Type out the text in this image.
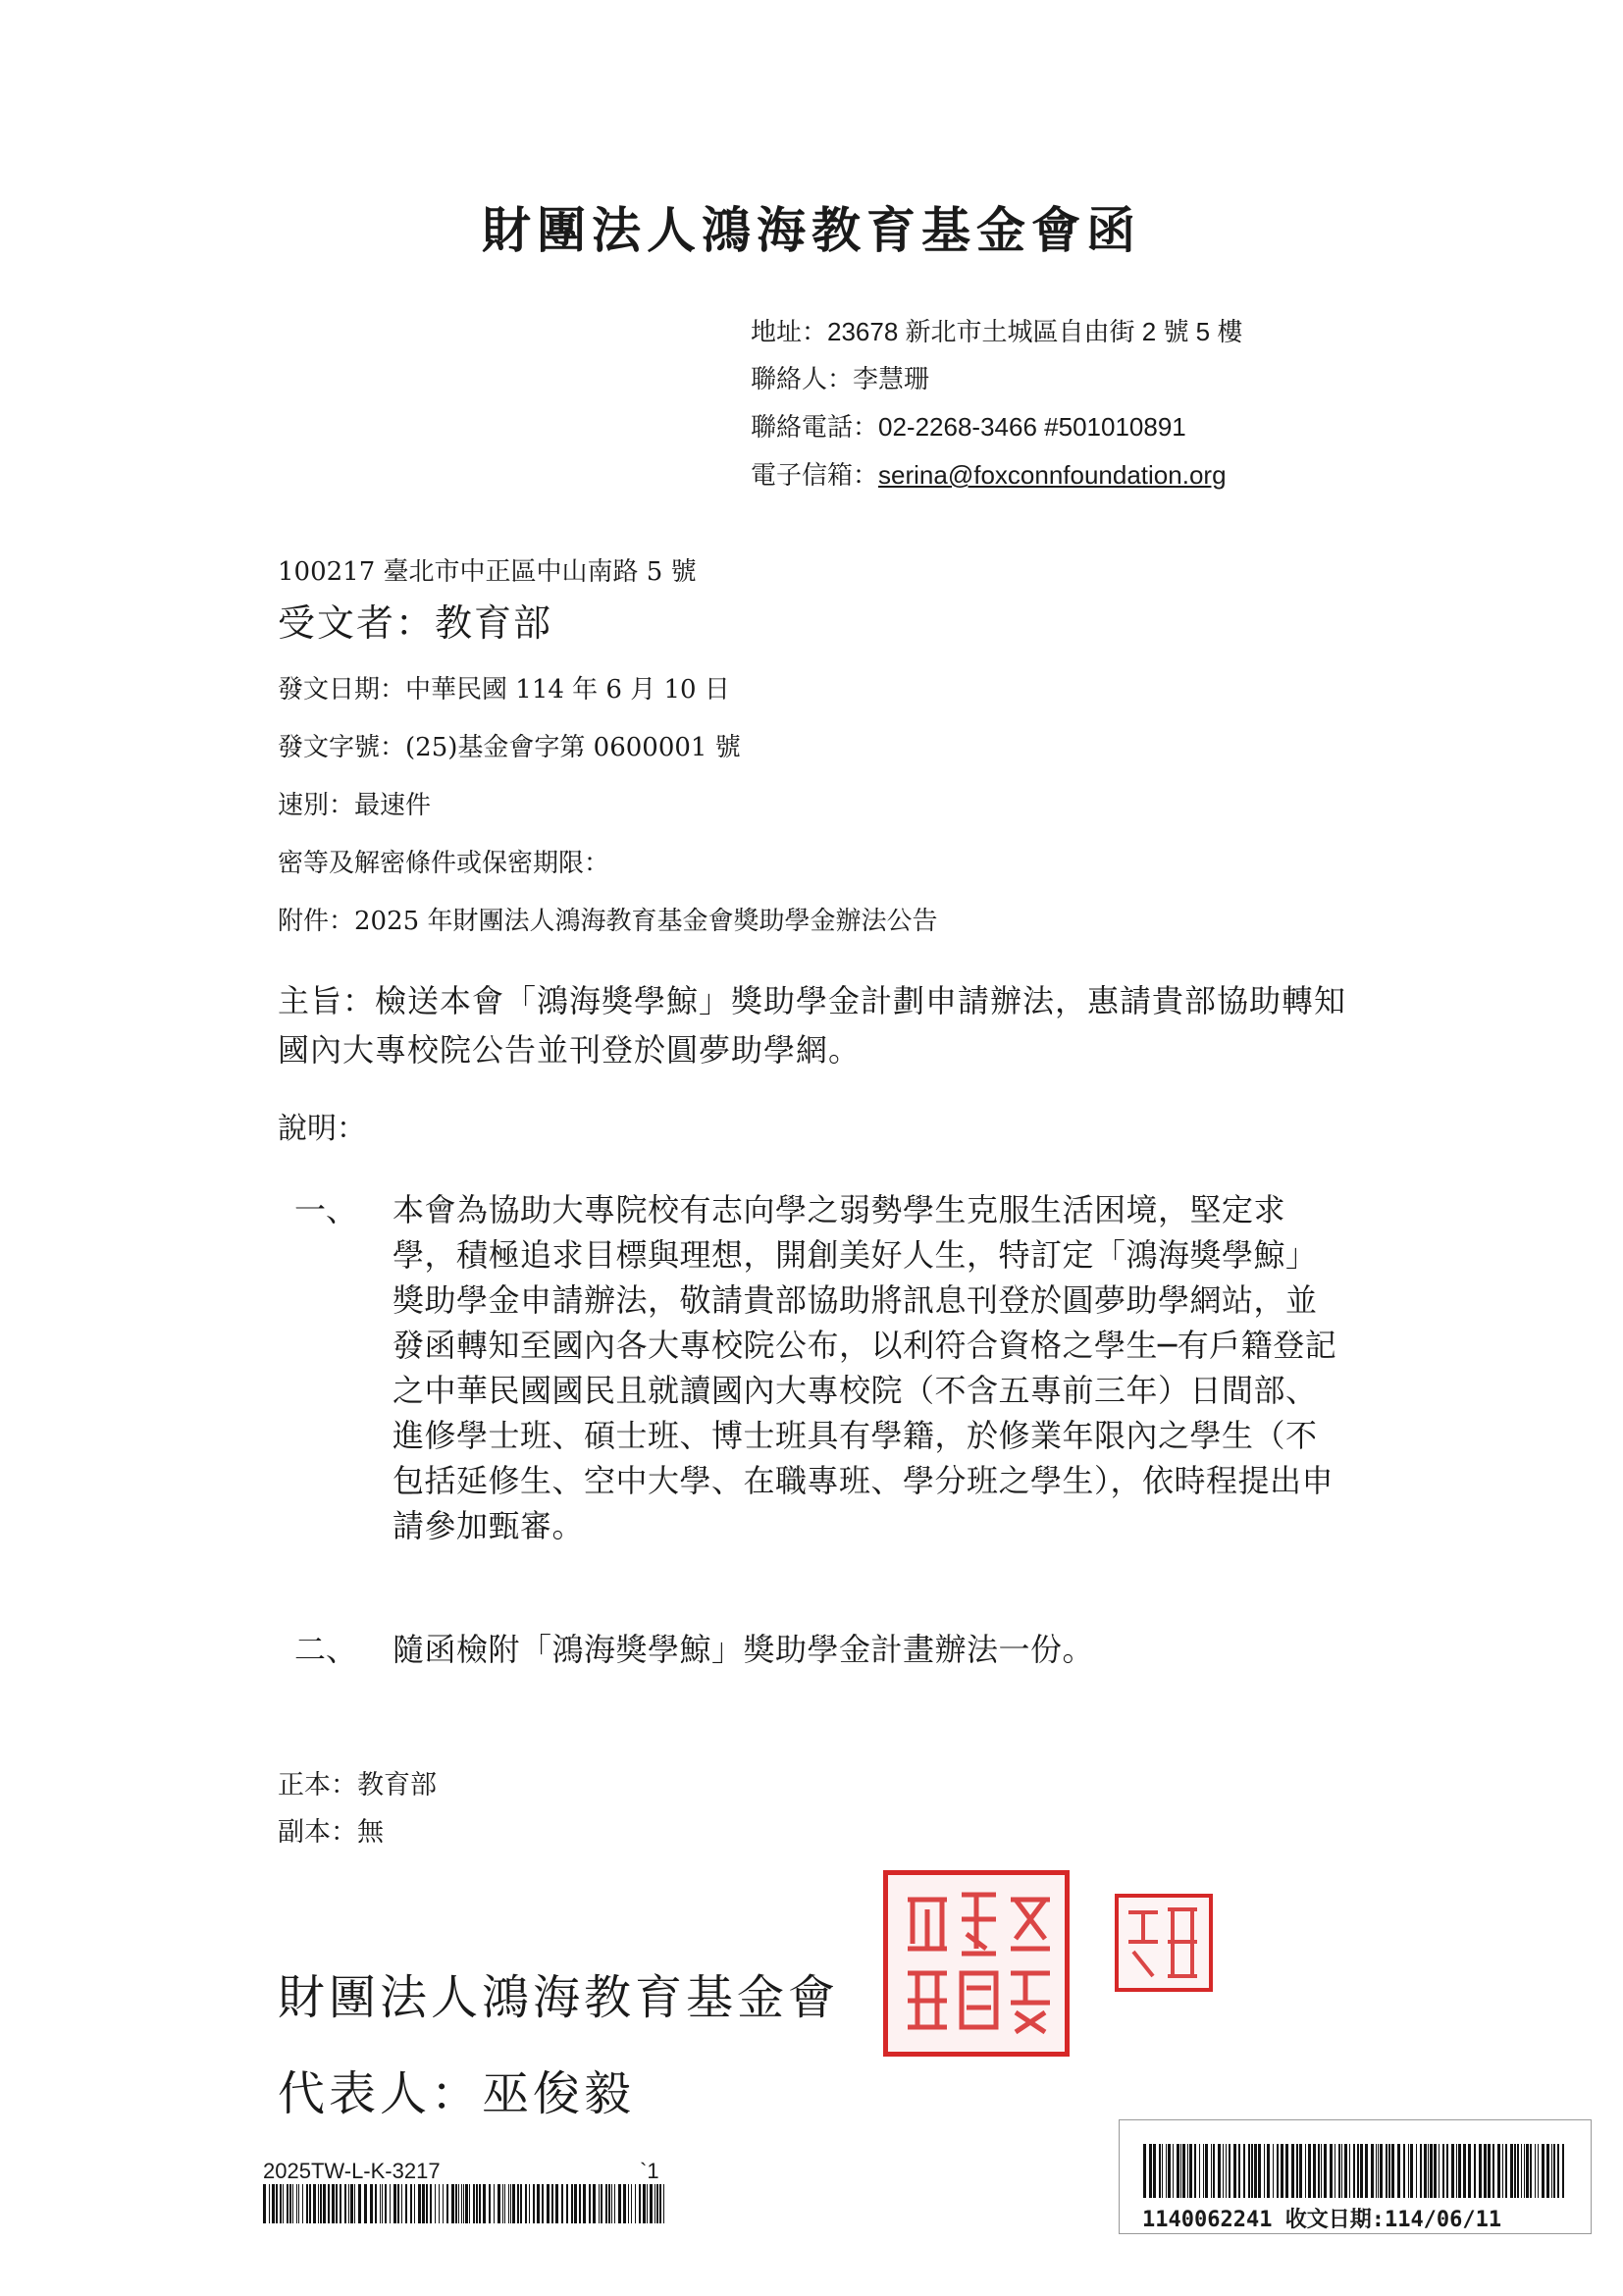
財團法人鴻海教育基金會函
地址：23678 新北市土城區自由街 2 號 5 樓
聯絡人：李慧珊
聯絡電話：02-2268-3466 #501010891
電子信箱：serina@foxconnfoundation.org
100217 臺北市中正區中山南路 5 號
受文者：教育部
發文日期：中華民國 114 年 6 月 10 日
發文字號：(25)基金會字第 0600001 號
速別：最速件
密等及解密條件或保密期限：
附件：2025 年財團法人鴻海教育基金會獎助學金辦法公告
主旨：檢送本會「鴻海獎學鯨」獎助學金計劃申請辦法，惠請貴部協助轉知國內大專校院公告並刊登於圓夢助學網。
說明：
一、	本會為協助大專院校有志向學之弱勢學生克服生活困境，堅定求學，積極追求目標與理想，開創美好人生，特訂定「鴻海獎學鯨」獎助學金申請辦法，敬請貴部協助將訊息刊登於圓夢助學網站，並發函轉知至國內各大專校院公布，以利符合資格之學生─有戶籍登記之中華民國國民且就讀國內大專校院（不含五專前三年）日間部、進修學士班、碩士班、博士班具有學籍，於修業年限內之學生（不包括延修生、空中大學、在職專班、學分班之學生），依時程提出申請參加甄審。
二、	隨函檢附「鴻海獎學鯨」獎助學金計畫辦法一份。
正本：教育部
副本：無
財團法人鴻海教育基金會
代表人：巫俊毅
2025TW-L-K-3217	`1
1140062241 收文日期:114/06/11
